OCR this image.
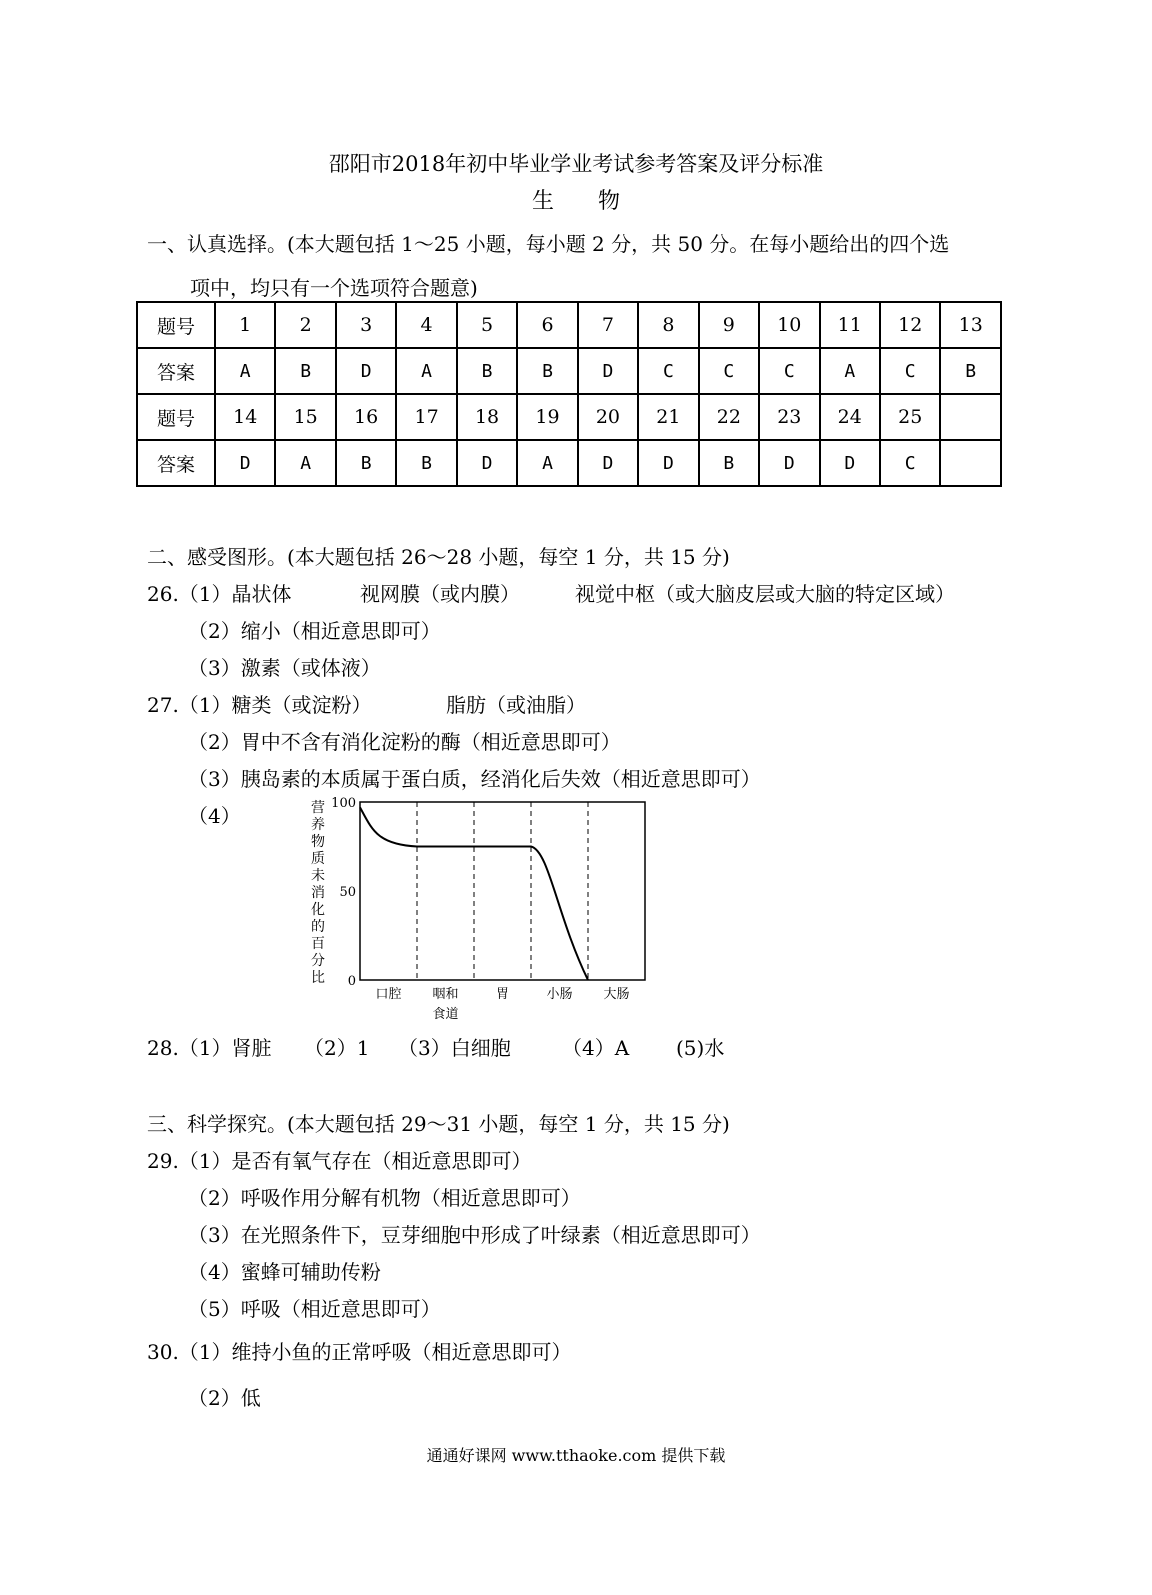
邵阳市2018年初中毕业学业考试参考答案及评分标准
生　　物
一、认真选择。(本大题包括 1～25 小题，每小题 2 分，共 50 分。在每小题给出的四个选
项中，均只有一个选项符合题意)
题号	1	2	3	4	5	6	7	8	9	10	11	12	13
答案	A	B	D	A	B	B	D	C	C	C	A	C	B
题号	14	15	16	17	18	19	20	21	22	23	24	25	
答案	D	A	B	B	D	A	D	D	B	D	D	C	
二、感受图形。(本大题包括 26～28 小题，每空 1 分，共 15 分)
26.（1）晶状体	视网膜（或内膜）	视觉中枢（或大脑皮层或大脑的特定区域）
（2）缩小（相近意思即可）
（3）激素（或体液）
27.（1）糖类（或淀粉）	脂肪（或油脂）
（2）胃中不含有消化淀粉的酶（相近意思即可）
（3）胰岛素的本质属于蛋白质，经消化后失效（相近意思即可）
（4）
100
50
0
口腔 咽和
食道
胃	小肠 大肠
营
养
物
质
未
消
化
的
百
分
比
28.（1）肾脏 （2）1 （3）白细胞	（4）A (5)水
三、科学探究。(本大题包括 29～31 小题，每空 1 分，共 15 分)
29.（1）是否有氧气存在（相近意思即可）
（2）呼吸作用分解有机物（相近意思即可）
（3）在光照条件下，豆芽细胞中形成了叶绿素（相近意思即可）
（4）蜜蜂可辅助传粉
（5）呼吸（相近意思即可）
30.（1）维持小鱼的正常呼吸（相近意思即可）
（2）低
通通好课网 www.tthaoke.com 提供下载
